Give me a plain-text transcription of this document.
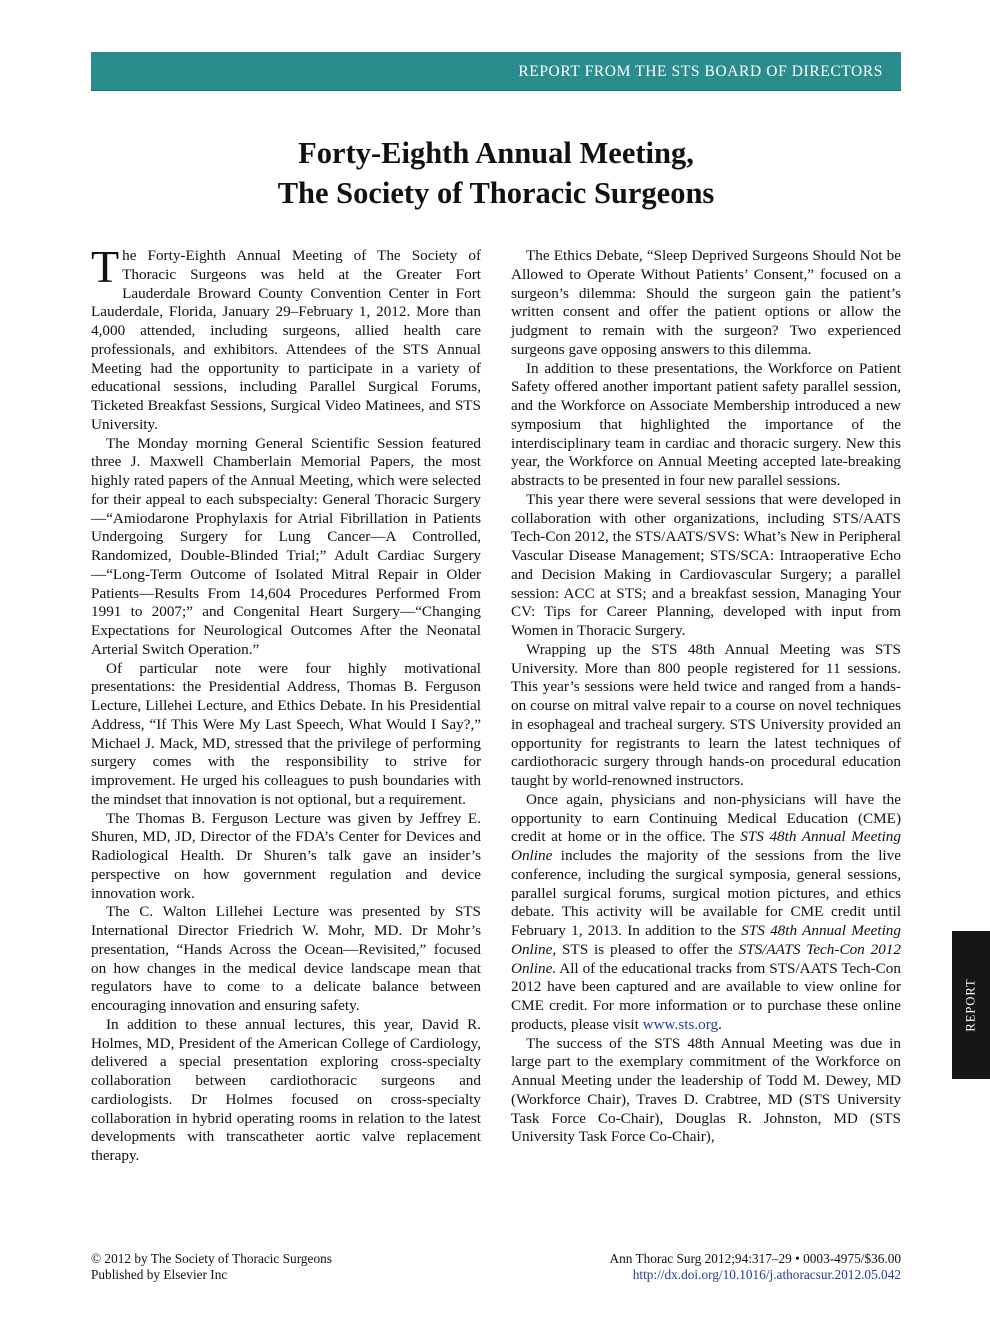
REPORT FROM THE STS BOARD OF DIRECTORS
Forty-Eighth Annual Meeting,
The Society of Thoracic Surgeons

The Forty-Eighth Annual Meeting of The Society of Thoracic Surgeons was held at the Greater Fort Lauderdale Broward County Convention Center in Fort Lauderdale, Florida, January 29–February 1, 2012. More than 4,000 attended, including surgeons, allied health care professionals, and exhibitors. Attendees of the STS Annual Meeting had the opportunity to participate in a variety of educational sessions, including Parallel Surgical Forums, Ticketed Breakfast Sessions, Surgical Video Matinees, and STS University.

The Monday morning General Scientific Session featured three J. Maxwell Chamberlain Memorial Papers, the most highly rated papers of the Annual Meeting, which were selected for their appeal to each subspecialty: General Thoracic Surgery—“Amiodarone Prophylaxis for Atrial Fibrillation in Patients Undergoing Surgery for Lung Cancer—A Controlled, Randomized, Double-Blinded Trial;” Adult Cardiac Surgery—“Long-Term Outcome of Isolated Mitral Repair in Older Patients—Results From 14,604 Procedures Performed From 1991 to 2007;” and Congenital Heart Surgery—“Changing Expectations for Neurological Outcomes After the Neonatal Arterial Switch Operation.”

Of particular note were four highly motivational presentations: the Presidential Address, Thomas B. Ferguson Lecture, Lillehei Lecture, and Ethics Debate. In his Presidential Address, “If This Were My Last Speech, What Would I Say?,” Michael J. Mack, MD, stressed that the privilege of performing surgery comes with the responsibility to strive for improvement. He urged his colleagues to push boundaries with the mindset that innovation is not optional, but a requirement.

The Thomas B. Ferguson Lecture was given by Jeffrey E. Shuren, MD, JD, Director of the FDA’s Center for Devices and Radiological Health. Dr Shuren’s talk gave an insider’s perspective on how government regulation and device innovation work.

The C. Walton Lillehei Lecture was presented by STS International Director Friedrich W. Mohr, MD. Dr Mohr’s presentation, “Hands Across the Ocean—Revisited,” focused on how changes in the medical device landscape mean that regulators have to come to a delicate balance between encouraging innovation and ensuring safety.

In addition to these annual lectures, this year, David R. Holmes, MD, President of the American College of Cardiology, delivered a special presentation exploring cross-specialty collaboration between cardiothoracic surgeons and cardiologists. Dr Holmes focused on cross-specialty collaboration in hybrid operating rooms in relation to the latest developments with transcatheter aortic valve replacement therapy.

The Ethics Debate, “Sleep Deprived Surgeons Should Not be Allowed to Operate Without Patients’ Consent,” focused on a surgeon’s dilemma: Should the surgeon gain the patient’s written consent and offer the patient options or allow the judgment to remain with the surgeon? Two experienced surgeons gave opposing answers to this dilemma.

In addition to these presentations, the Workforce on Patient Safety offered another important patient safety parallel session, and the Workforce on Associate Membership introduced a new symposium that highlighted the importance of the interdisciplinary team in cardiac and thoracic surgery. New this year, the Workforce on Annual Meeting accepted late-breaking abstracts to be presented in four new parallel sessions.

This year there were several sessions that were developed in collaboration with other organizations, including STS/AATS Tech-Con 2012, the STS/AATS/SVS: What’s New in Peripheral Vascular Disease Management; STS/SCA: Intraoperative Echo and Decision Making in Cardiovascular Surgery; a parallel session: ACC at STS; and a breakfast session, Managing Your CV: Tips for Career Planning, developed with input from Women in Thoracic Surgery.

Wrapping up the STS 48th Annual Meeting was STS University. More than 800 people registered for 11 sessions. This year’s sessions were held twice and ranged from a hands-on course on mitral valve repair to a course on novel techniques in esophageal and tracheal surgery. STS University provided an opportunity for registrants to learn the latest techniques of cardiothoracic surgery through hands-on procedural education taught by world-renowned instructors.

Once again, physicians and non-physicians will have the opportunity to earn Continuing Medical Education (CME) credit at home or in the office. The STS 48th Annual Meeting Online includes the majority of the sessions from the live conference, including the surgical symposia, general sessions, parallel surgical forums, surgical motion pictures, and ethics debate. This activity will be available for CME credit until February 1, 2013. In addition to the STS 48th Annual Meeting Online, STS is pleased to offer the STS/AATS Tech-Con 2012 Online. All of the educational tracks from STS/AATS Tech-Con 2012 have been captured and are available to view online for CME credit. For more information or to purchase these online products, please visit www.sts.org.

The success of the STS 48th Annual Meeting was due in large part to the exemplary commitment of the Workforce on Annual Meeting under the leadership of Todd M. Dewey, MD (Workforce Chair), Traves D. Crabtree, MD (STS University Task Force Co-Chair), Douglas R. Johnston, MD (STS University Task Force Co-Chair),

REPORT
© 2012 by The Society of Thoracic Surgeons
Published by Elsevier Inc
Ann Thorac Surg 2012;94:317–29 • 0003-4975/$36.00
http://dx.doi.org/10.1016/j.athoracsur.2012.05.042
